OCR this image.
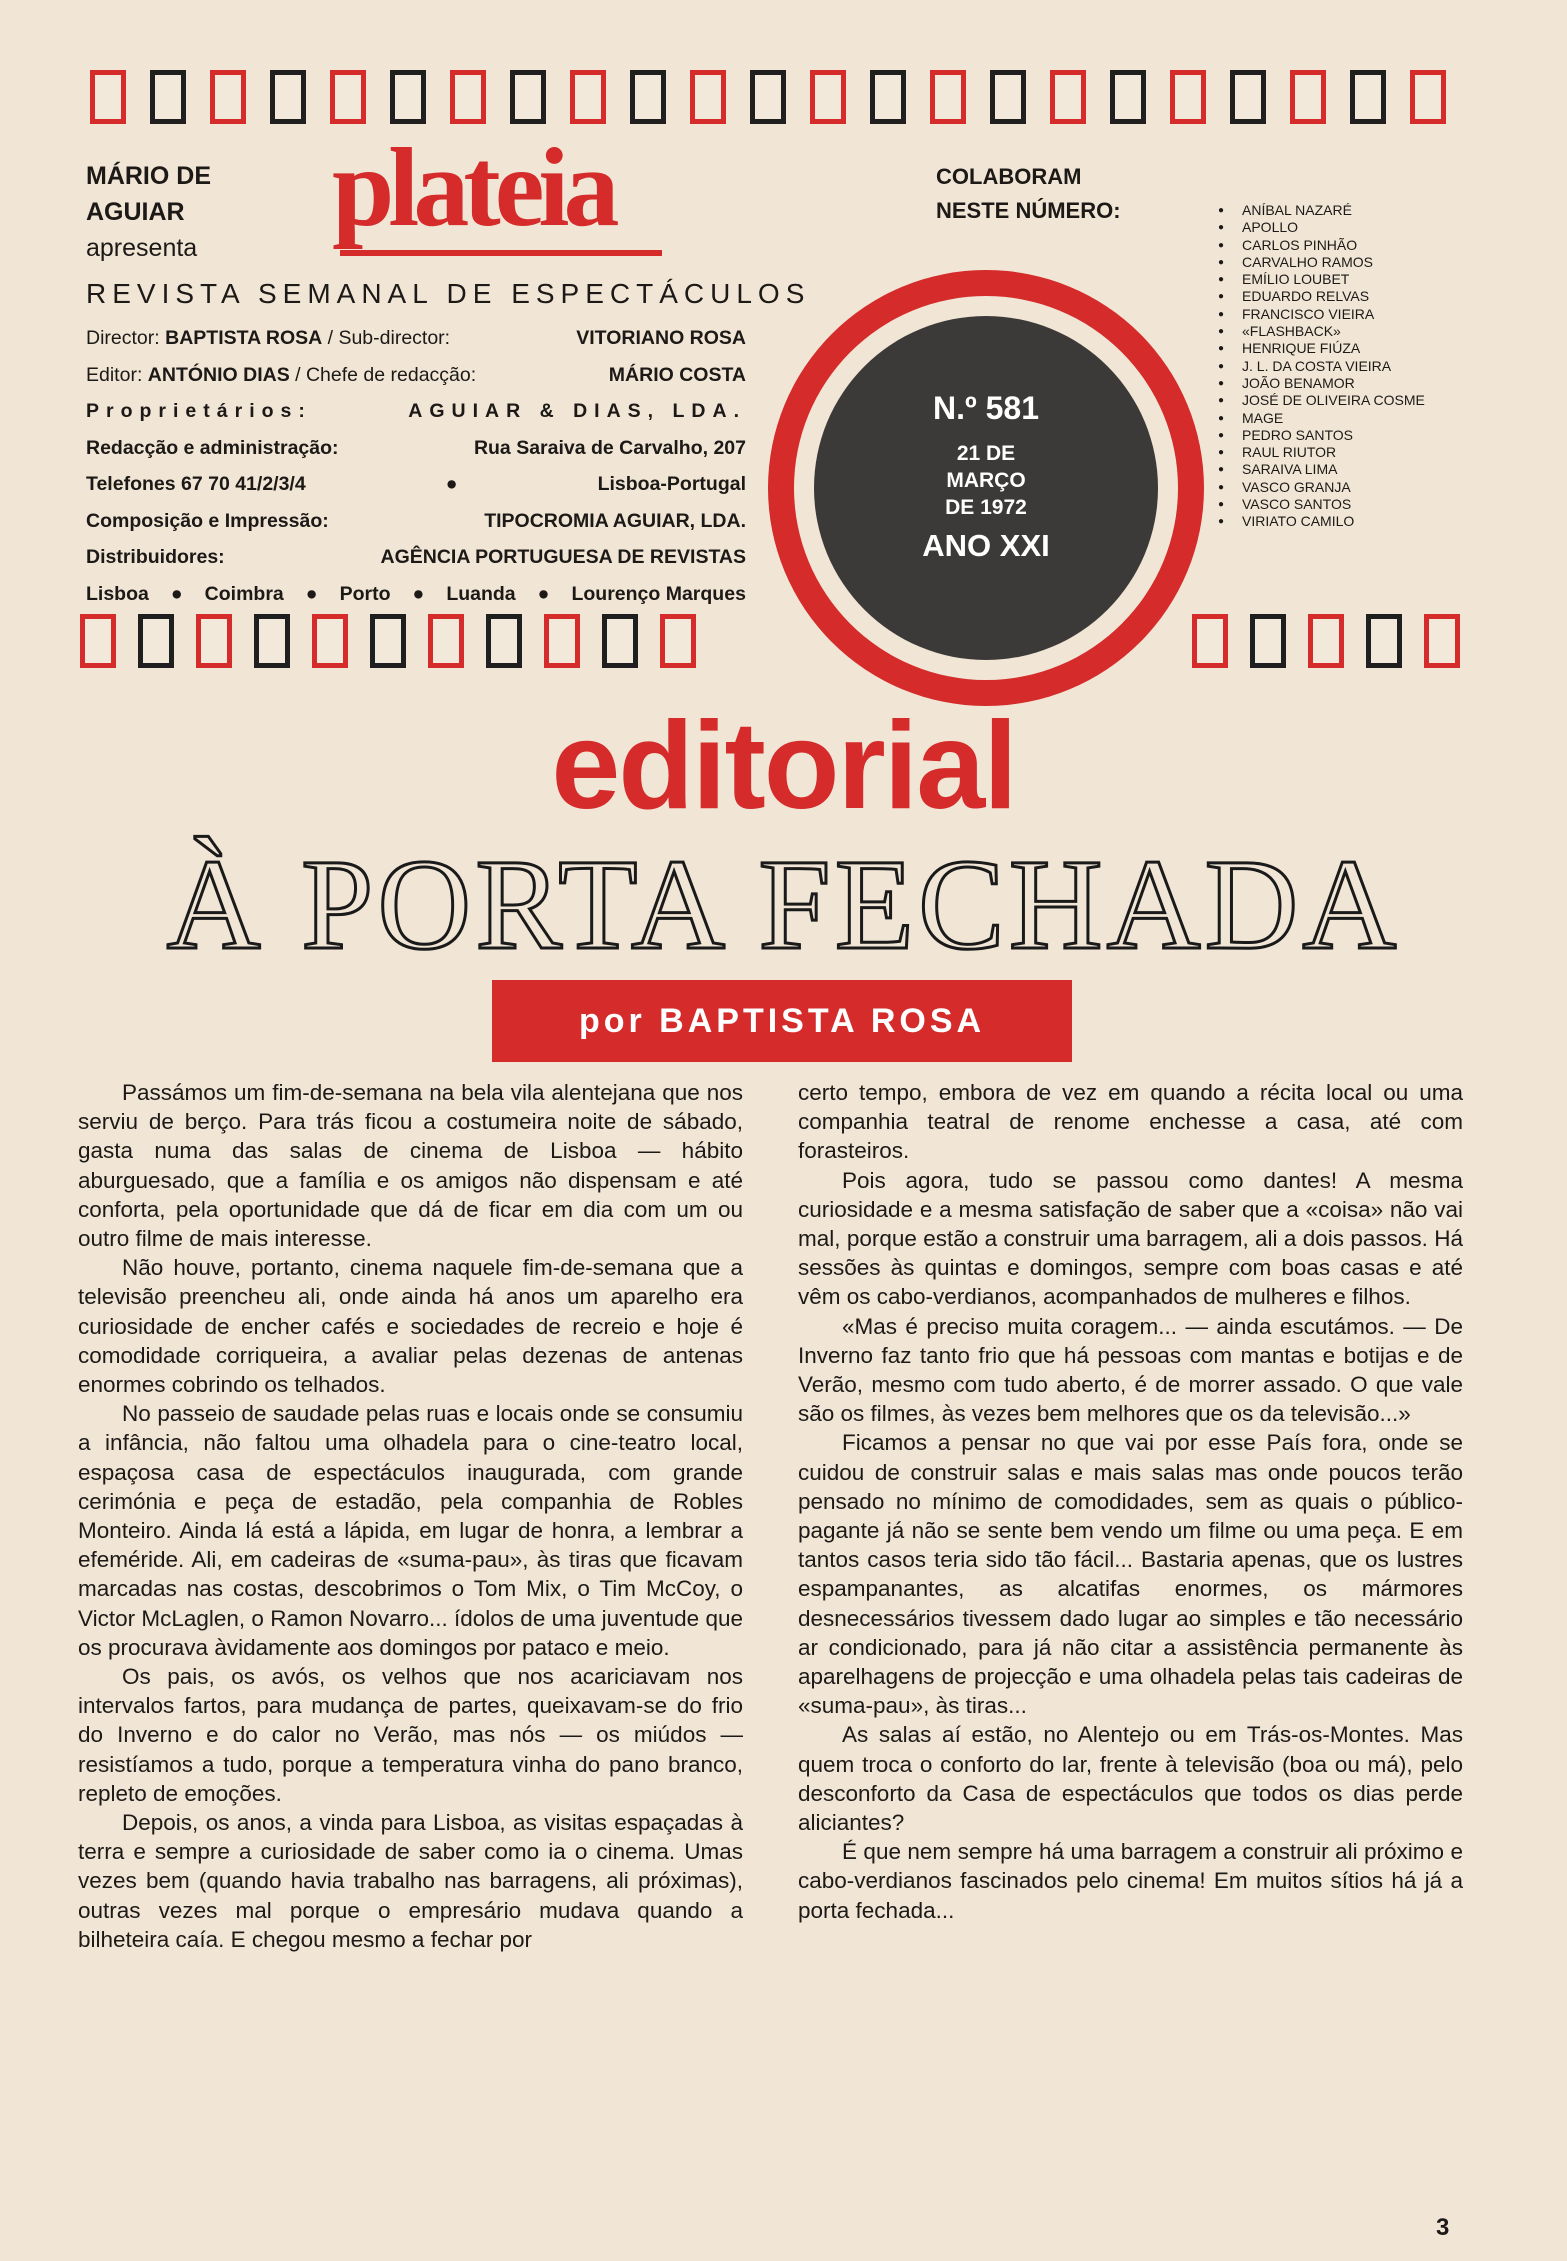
MÁRIO DE
AGUIAR
apresenta plateia
REVISTA SEMANAL DE ESPECTÁCULOS
Director: BAPTISTA ROSA / Sub-director:	VITORIANO ROSA
Editor: ANTÓNIO DIAS / Chefe de redacção:	MÁRIO COSTA
Proprietários:	AGUIAR & DIAS, LDA.
Redacção e administração:	Rua Saraiva de Carvalho, 207
Telefones 67 70 41/2/3/4	●	Lisboa-Portugal
Composição e Impressão:	TIPOCROMIA AGUIAR, LDA.
Distribuidores:	AGÊNCIA PORTUGUESA DE REVISTAS
Lisboa ● Coimbra ● Porto ● Luanda ● Lourenço Marques
COLABORAM
NESTE NÚMERO:
●	ANÍBAL NAZARÉ
● APOLLO
● CARLOS PINHÃO
● CARVALHO RAMOS
● EMÍLIO LOUBET
● EDUARDO RELVAS
● FRANCISCO VIEIRA
● «FLASHBACK»
● HENRIQUE FIÚZA
● J. L. DA COSTA VIEIRA
● JOÃO BENAMOR
● JOSÉ DE OLIVEIRA COSME
● MAGE
● PEDRO SANTOS
● RAUL RIUTOR
● SARAIVA LIMA
● VASCO GRANJA
● VASCO SANTOS
● VIRIATO CAMILO
N.º 581
21 DE
MARÇO
DE 1972
ANO XXI
editorial
À PORTA FECHADA
por BAPTISTA ROSA

Passámos um fim-de-semana na bela vila alentejana que nos serviu de berço. Para trás ficou a costumeira noite de sábado, gasta numa das salas de cinema de Lisboa — hábito aburguesado, que a família e os amigos não dispensam e até conforta, pela oportunidade que dá de ficar em dia com um ou outro filme de mais interesse.

Não houve, portanto, cinema naquele fim-de-semana que a televisão preencheu ali, onde ainda há anos um aparelho era curiosidade de encher cafés e sociedades de recreio e hoje é comodidade corriqueira, a avaliar pelas dezenas de antenas enormes cobrindo os telhados.

No passeio de saudade pelas ruas e locais onde se consumiu a infância, não faltou uma olhadela para o cine-teatro local, espaçosa casa de espectáculos inaugurada, com grande cerimónia e peça de estadão, pela companhia de Robles Monteiro. Ainda lá está a lápida, em lugar de honra, a lembrar a efeméride. Ali, em cadeiras de «suma-pau», às tiras que ficavam marcadas nas costas, descobrimos o Tom Mix, o Tim McCoy, o Victor McLaglen, o Ramon Novarro... ídolos de uma juventude que os procurava àvidamente aos domingos por pataco e meio.

Os pais, os avós, os velhos que nos acariciavam nos intervalos fartos, para mudança de partes, queixavam-se do frio do Inverno e do calor no Verão, mas nós — os miúdos — resistíamos a tudo, porque a temperatura vinha do pano branco, repleto de emoções.

Depois, os anos, a vinda para Lisboa, as visitas espaçadas à terra e sempre a curiosidade de saber como ia o cinema. Umas vezes bem (quando havia trabalho nas barragens, ali próximas), outras vezes mal porque o empresário mudava quando a bilheteira caía. E chegou mesmo a fechar por

certo tempo, embora de vez em quando a récita local ou uma companhia teatral de renome enchesse a casa, até com forasteiros.

Pois agora, tudo se passou como dantes! A mesma curiosidade e a mesma satisfação de saber que a «coisa» não vai mal, porque estão a construir uma barragem, ali a dois passos. Há sessões às quintas e domingos, sempre com boas casas e até vêm os cabo-verdianos, acompanhados de mulheres e filhos.

«Mas é preciso muita coragem... — ainda escutámos. — De Inverno faz tanto frio que há pessoas com mantas e botijas e de Verão, mesmo com tudo aberto, é de morrer assado. O que vale são os filmes, às vezes bem melhores que os da televisão...»

Ficamos a pensar no que vai por esse País fora, onde se cuidou de construir salas e mais salas mas onde poucos terão pensado no mínimo de comodidades, sem as quais o público-pagante já não se sente bem vendo um filme ou uma peça. E em tantos casos teria sido tão fácil... Bastaria apenas, que os lustres espampanantes, as alcatifas enormes, os mármores desnecessários tivessem dado lugar ao simples e tão necessário ar condicionado, para já não citar a assistência permanente às aparelhagens de projecção e uma olhadela pelas tais cadeiras de «suma-pau», às tiras...

As salas aí estão, no Alentejo ou em Trás-os-Montes. Mas quem troca o conforto do lar, frente à televisão (boa ou má), pelo desconforto da Casa de espectáculos que todos os dias perde aliciantes?

É que nem sempre há uma barragem a construir ali próximo e cabo-verdianos fascinados pelo cinema! Em muitos sítios há já a porta fechada...

3
